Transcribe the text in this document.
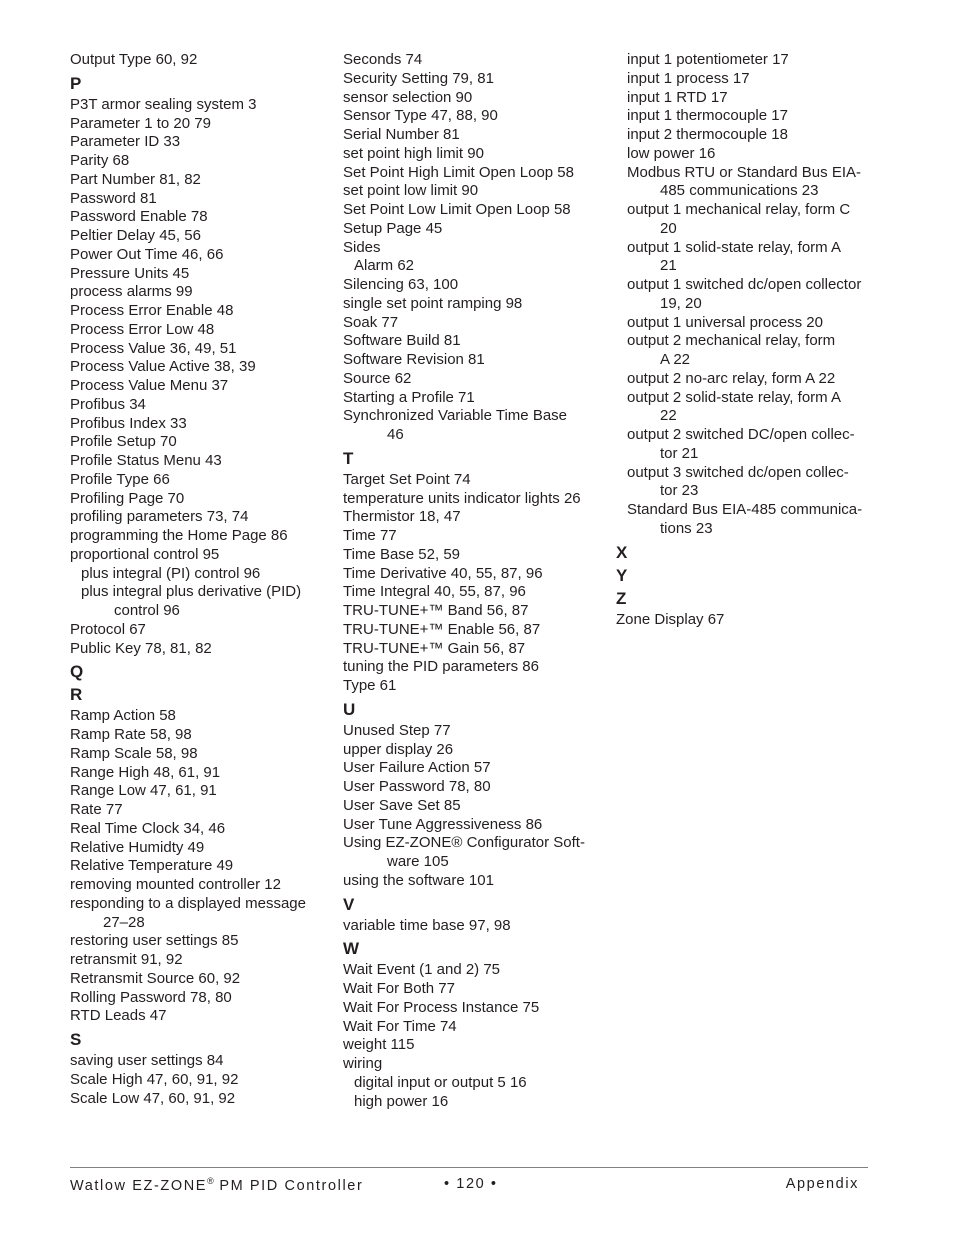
Output Type 60, 92
P
P3T armor sealing system 3
Parameter 1 to 20 79
Parameter ID 33
Parity 68
Part Number 81, 82
Password 81
Password Enable 78
Peltier Delay 45, 56
Power Out Time 46, 66
Pressure Units 45
process alarms 99
Process Error Enable 48
Process Error Low 48
Process Value 36, 49, 51
Process Value Active 38, 39
Process Value Menu 37
Profibus 34
Profibus Index 33
Profile Setup 70
Profile Status Menu 43
Profile Type 66
Profiling Page 70
profiling parameters 73, 74
programming the Home Page 86
proportional control 95
plus integral (PI) control 96
plus integral plus derivative (PID)
control 96
Protocol 67
Public Key 78, 81, 82
Q
R
Ramp Action 58
Ramp Rate 58, 98
Ramp Scale 58, 98
Range High 48, 61, 91
Range Low 47, 61, 91
Rate 77
Real Time Clock 34, 46
Relative Humidty 49
Relative Temperature 49
removing mounted controller 12
responding to a displayed message
27–28
restoring user settings 85
retransmit 91, 92
Retransmit Source 60, 92
Rolling Password 78, 80
RTD Leads 47
S
saving user settings 84
Scale High 47, 60, 91, 92
Scale Low 47, 60, 91, 92
Seconds 74
Security Setting 79, 81
sensor selection 90
Sensor Type 47, 88, 90
Serial Number 81
set point high limit 90
Set Point High Limit Open Loop 58
set point low limit 90
Set Point Low Limit Open Loop 58
Setup Page 45
Sides
Alarm 62
Silencing 63, 100
single set point ramping 98
Soak 77
Software Build 81
Software Revision 81
Source 62
Starting a Profile 71
Synchronized Variable Time Base
46
T
Target Set Point 74
temperature units indicator lights 26
Thermistor 18, 47
Time 77
Time Base 52, 59
Time Derivative 40, 55, 87, 96
Time Integral 40, 55, 87, 96
TRU-TUNE+™ Band 56, 87
TRU-TUNE+™ Enable 56, 87
TRU-TUNE+™ Gain 56, 87
tuning the PID parameters 86
Type 61
U
Unused Step 77
upper display 26
User Failure Action 57
User Password 78, 80
User Save Set 85
User Tune Aggressiveness 86
Using EZ-ZONE® Configurator Soft-
ware 105
using the software 101
V
variable time base 97, 98
W
Wait Event (1 and 2) 75
Wait For Both 77
Wait For Process Instance 75
Wait For Time 74
weight 115
wiring
digital input or output 5 16
high power 16
input 1 potentiometer 17
input 1 process 17
input 1 RTD 17
input 1 thermocouple 17
input 2 thermocouple 18
low power 16
Modbus RTU or Standard Bus EIA-
485 communications 23
output 1 mechanical relay, form C
20
output 1 solid-state relay, form A
21
output 1 switched dc/open collector
19, 20
output 1 universal process 20
output 2 mechanical relay, form
A 22
output 2 no-arc relay, form A 22
output 2 solid-state relay, form A
22
output 2 switched DC/open collec-
tor 21
output 3 switched dc/open collec-
tor 23
Standard Bus EIA-485 communica-
tions 23
X
Y
Z
Zone Display 67
Watlow EZ-ZONE® PM PID Controller	• 120 •	Appendix
